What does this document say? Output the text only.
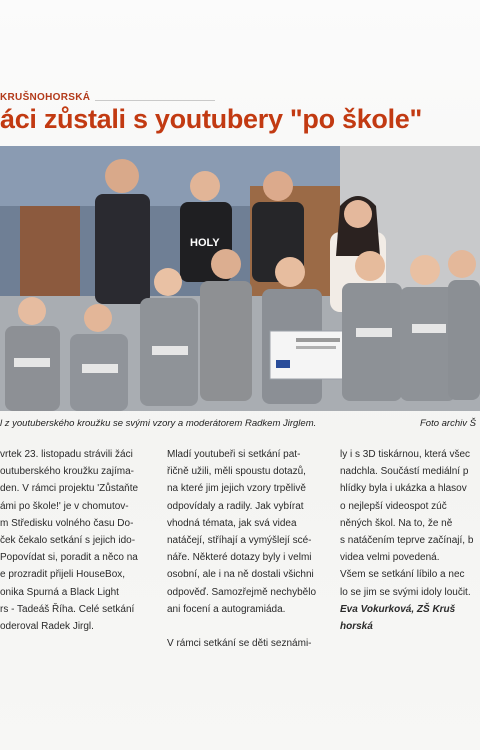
KRUŠNOHORSKÁ
áci zůstali s youtubery "po škole"
HOLY
l z youtuberského kroužku se svými vzory a moderátorem Radkem Jirglem.	Foto archiv Š

vrtek 23. listopadu strávili žáci

outuberského kroužku zajíma-

den. V rámci projektu 'Zůstaňte

ámi po škole!' je v chomutov-

m Středisku volného času Do-

ček čekalo setkání s jejich ido-

Popovídat si, poradit a něco na

e prozradit přijeli HouseBox,

onika Spurná a Black Light

rs - Tadeáš Říha. Celé setkání

oderoval Radek Jirgl.

Mladí youtubeři si setkání pat-

řičně užili, měli spoustu dotazů,

na které jim jejich vzory trpělivě

odpovídaly a radily. Jak vybírat

vhodná témata, jak svá videa

natáčejí, stříhají a vymýšlejí scé-

náře. Některé dotazy byly i velmi

osobní, ale i na ně dostali všichni

odpověď. Samozřejmě nechybělo

ani focení a autogramiáda.

V rámci setkání se děti seznámi-

ly i s 3D tiskárnou, která všec

nadchla. Součástí mediální p

hlídky byla i ukázka a hlasov

o nejlepší videospot zúč

něných škol. Na to, že ně

s natáčením teprve začínají, b

videa velmi povedená.

Všem se setkání líbilo a nec

lo se jim se svými idoly loučit.

Eva Vokurková, ZŠ Kruš

horská
